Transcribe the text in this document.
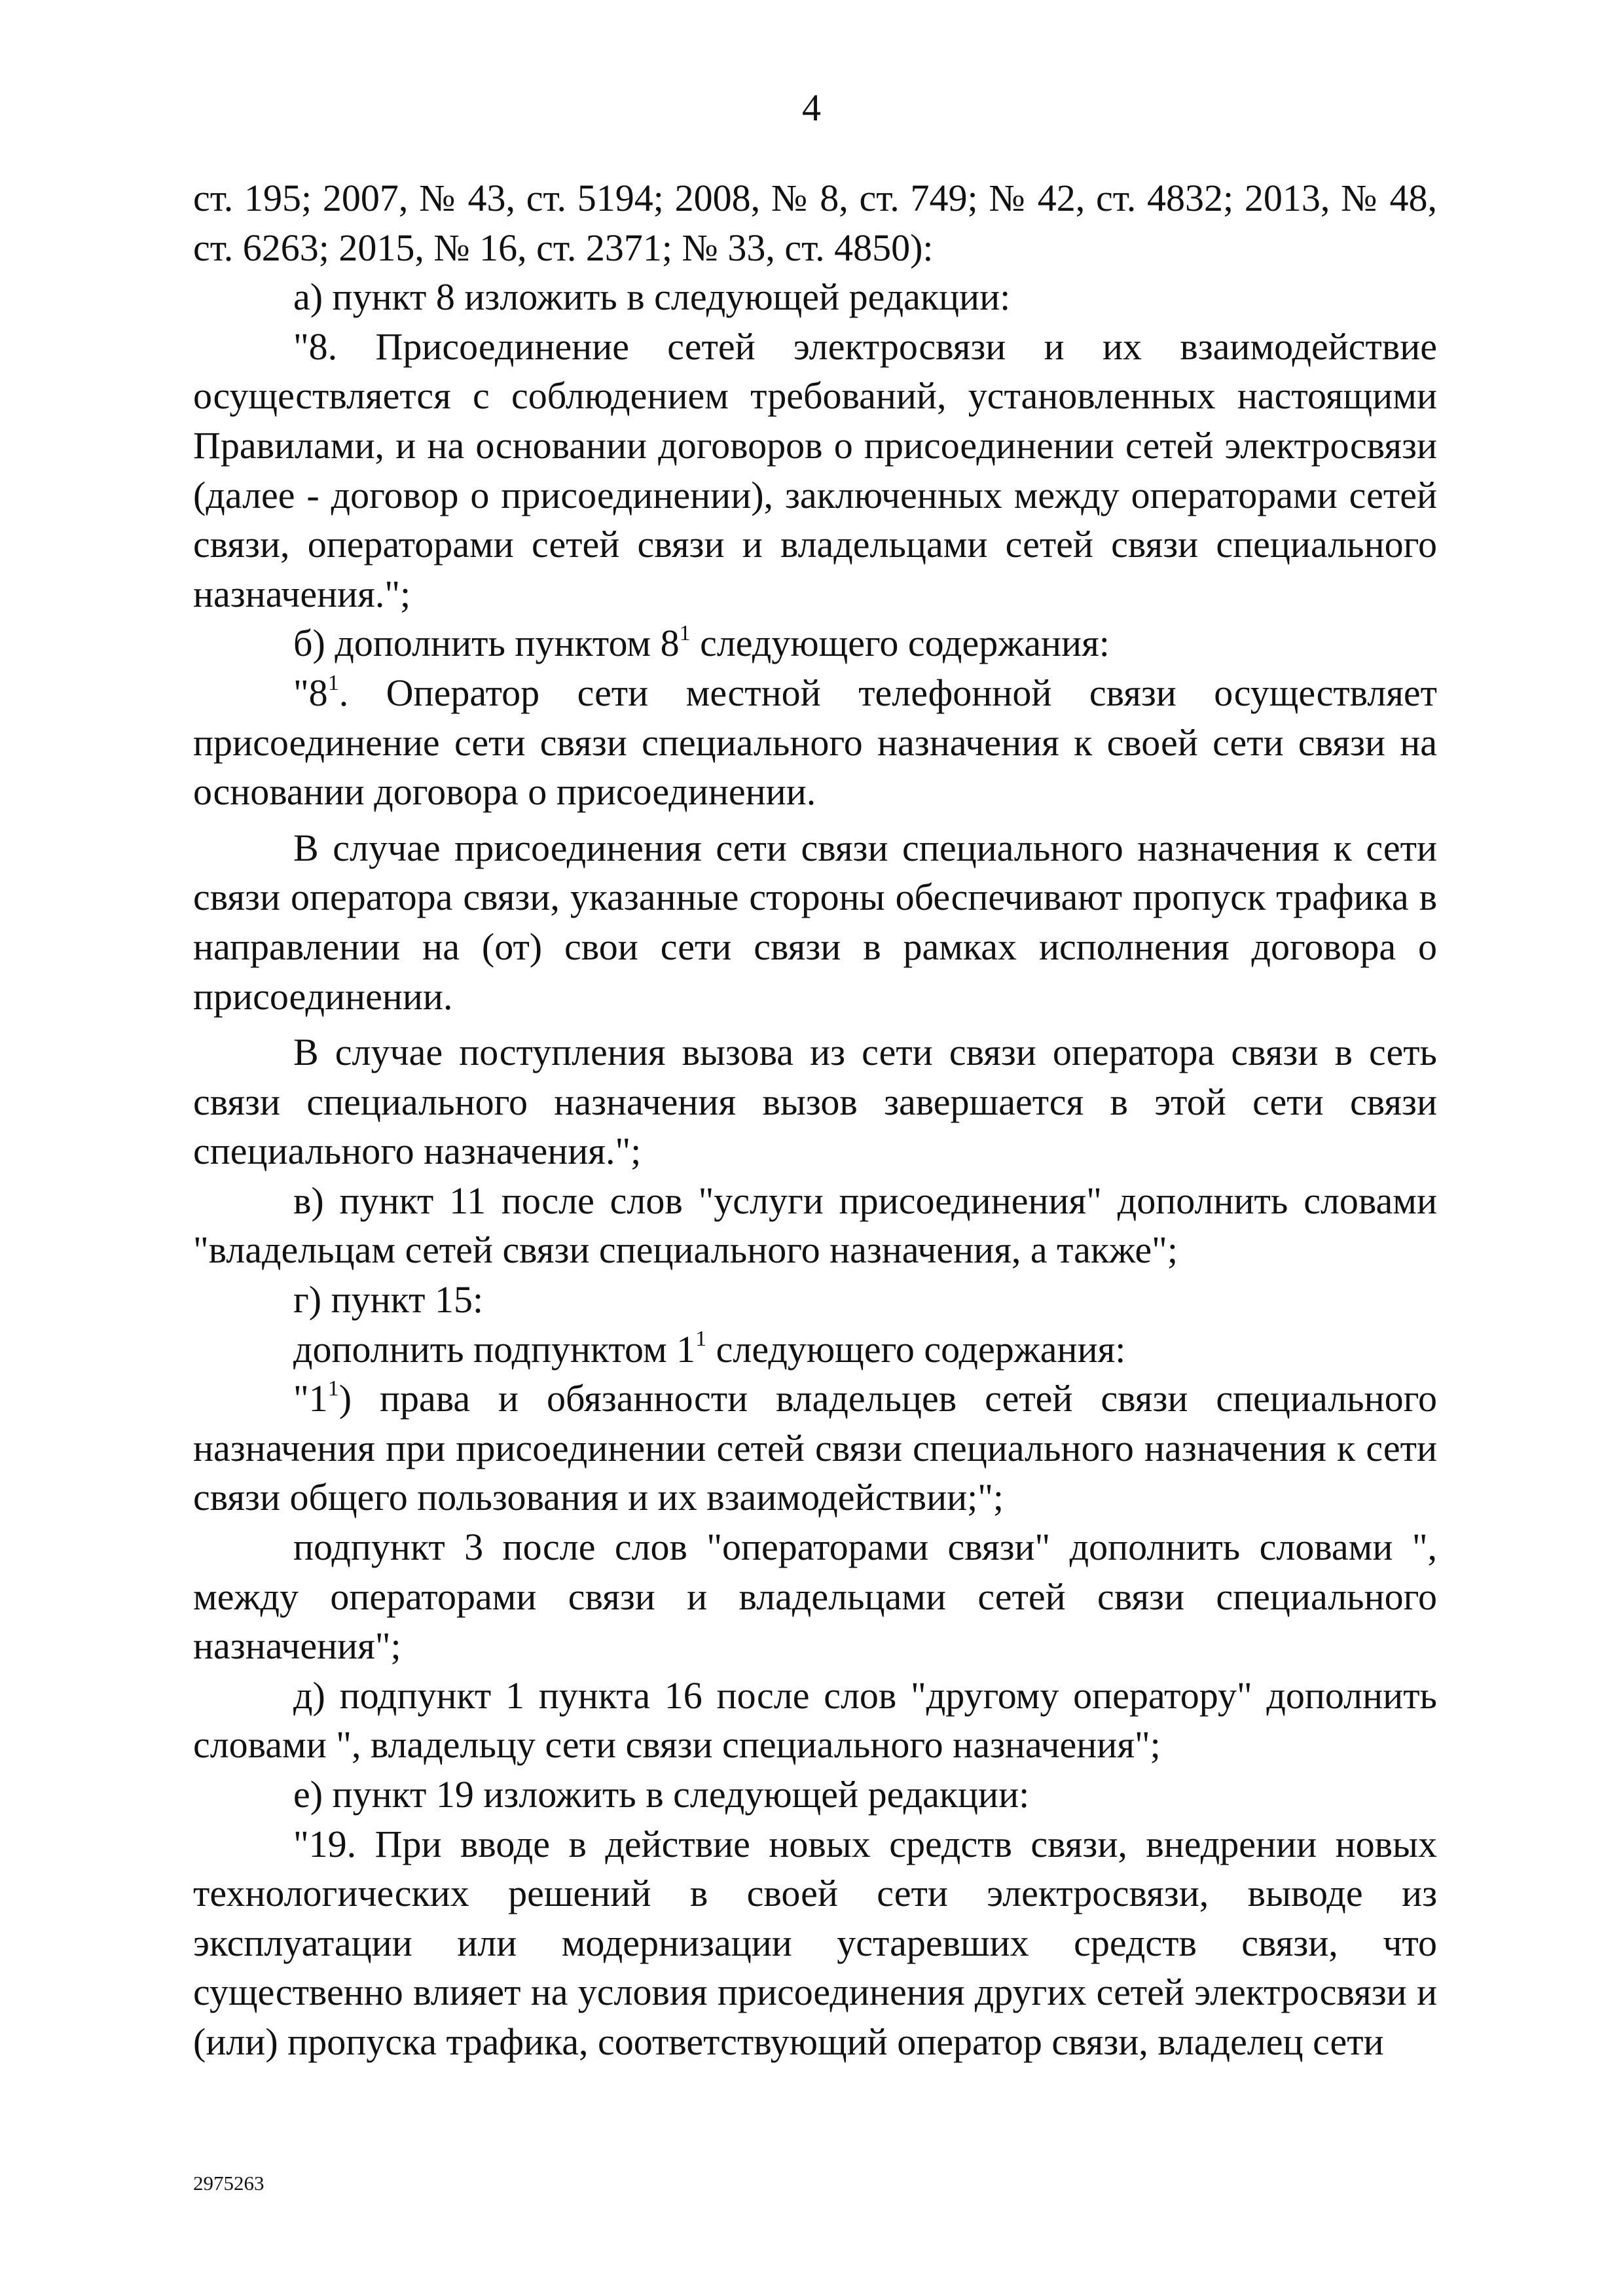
4

ст. 195; 2007, № 43, ст. 5194; 2008, № 8, ст. 749; № 42, ст. 4832; 2013, № 48, ст. 6263; 2015, № 16, ст. 2371; № 33, ст. 4850):

а) пункт 8 изложить в следующей редакции:

"8. Присоединение сетей электросвязи и их взаимодействие осуществляется с соблюдением требований, установленных настоящими Правилами, и на основании договоров о присоединении сетей электросвязи (далее - договор о присоединении), заключенных между операторами сетей связи, операторами сетей связи и владельцами сетей связи специального назначения.";

б) дополнить пунктом $8^1$ следующего содержания:

"$8^1$. Оператор сети местной телефонной связи осуществляет присоединение сети связи специального назначения к своей сети связи на основании договора о присоединении.

В случае присоединения сети связи специального назначения к сети связи оператора связи, указанные стороны обеспечивают пропуск трафика в направлении на (от) свои сети связи в рамках исполнения договора о присоединении.

В случае поступления вызова из сети связи оператора связи в сеть связи специального назначения вызов завершается в этой сети связи специального назначения.";

в) пункт 11 после слов "услуги присоединения" дополнить словами "владельцам сетей связи специального назначения, а также";

г) пункт 15:

дополнить подпунктом $1^1$ следующего содержания:

"$1^1$) права и обязанности владельцев сетей связи специального назначения при присоединении сетей связи специального назначения к сети связи общего пользования и их взаимодействии;";

подпункт 3 после слов "операторами связи" дополнить словами ", между операторами связи и владельцами сетей связи специального назначения";

д) подпункт 1 пункта 16 после слов "другому оператору" дополнить словами ", владельцу сети связи специального назначения";

е) пункт 19 изложить в следующей редакции:

"19. При вводе в действие новых средств связи, внедрении новых технологических решений в своей сети электросвязи, выводе из эксплуатации или модернизации устаревших средств связи, что существенно влияет на условия присоединения других сетей электросвязи и (или) пропуска трафика, соответствующий оператор связи, владелец сети

2975263
